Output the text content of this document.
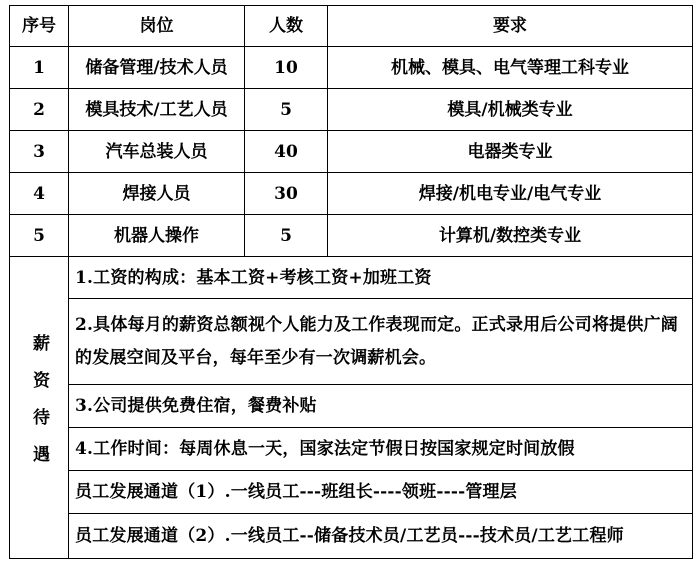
序号	岗位	人数	要求
1	储备管理/技术人员	10	机械、模具、电气等理工科专业
2	模具技术/工艺人员	5	模具/机械类专业
3	汽车总装人员	40	电器类专业
4	焊接人员	30	焊接/机电专业/电气专业
5	机器人操作	5	计算机/数控类专业
薪资待遇	1.工资的构成：基本工资+考核工资+加班工资		
	2.具体每月的薪资总额视个人能力及工作表现而定。正式录用后公司将提供广阔的发展空间及平台，每年至少有一次调薪机会。		
	3.公司提供免费住宿，餐费补贴		
	4.工作时间：每周休息一天，国家法定节假日按国家规定时间放假		
	员工发展通道（1）.一线员工---班组长----领班----管理层		
	员工发展通道（2）.一线员工--储备技术员/工艺员---技术员/工艺工程师		
